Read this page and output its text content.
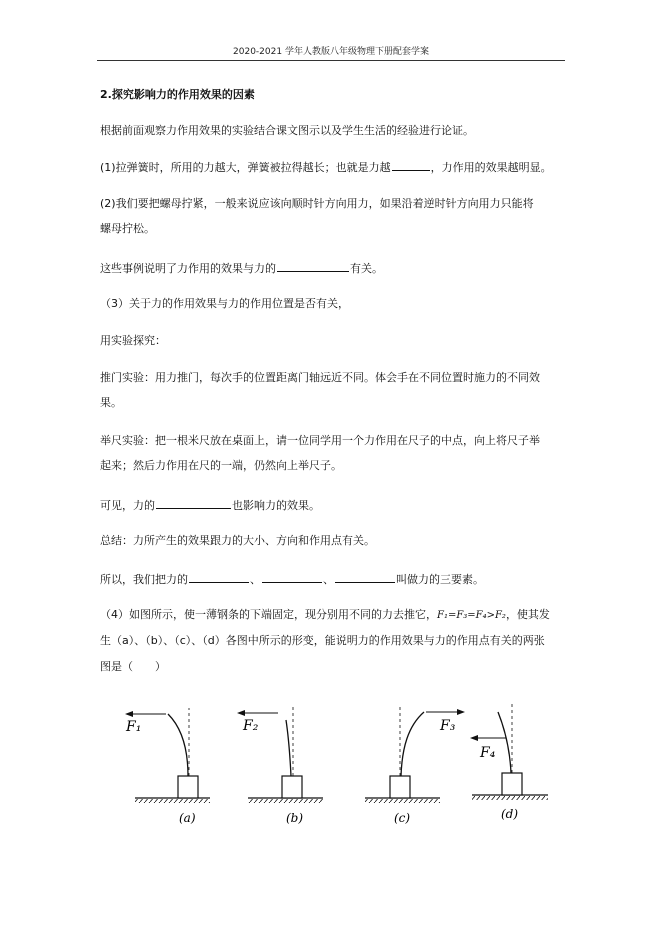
2020-2021 学年人教版八年级物理下册配套学案
2.探究影响力的作用效果的因素
根据前面观察力作用效果的实验结合课文图示以及学生生活的经验进行论证。
(1)拉弹簧时，所用的力越大，弹簧被拉得越长；也就是力越	，力作用的效果越明显。
(2)我们要把螺母拧紧，一般来说应该向顺时针方向用力，如果沿着逆时针方向用力只能将
螺母拧松。
这些事例说明了力作用的效果与力的	有关。
（3）关于力的作用效果与力的作用位置是否有关，
用实验探究：
推门实验：用力推门，每次手的位置距离门轴远近不同。体会手在不同位置时施力的不同效
果。
举尺实验：把一根米尺放在桌面上，请一位同学用一个力作用在尺子的中点，向上将尺子举
起来；然后力作用在尺的一端，仍然向上举尺子。
可见，力的	也影响力的效果。
总结：力所产生的效果跟力的大小、方向和作用点有关。
所以，我们把力的	、	、	叫做力的三要素。
（4）如图所示，使一薄钢条的下端固定，现分别用不同的力去推它，F₁=F₃=F₄>F₂，使其发
生（a）、（b）、（c）、（d）各图中所示的形变，能说明力的作用效果与力的作用点有关的两张
图是（　　）
F₁
(a)
F₂
(b)
F₃
(c)
F₄
(d)
